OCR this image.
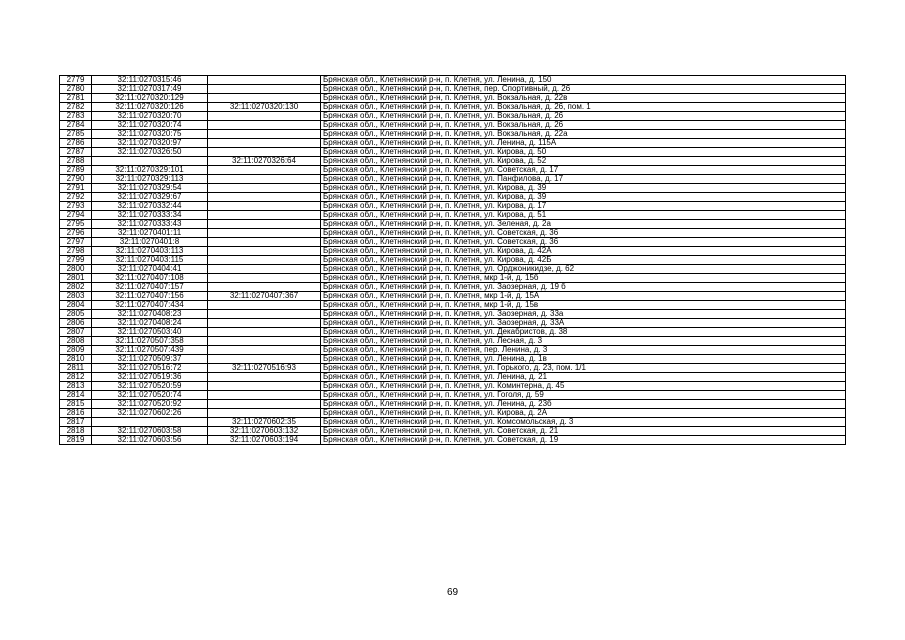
2779	32:11:0270315:46		Брянская обл., Клетнянский р-н, п. Клетня, ул. Ленина, д. 150
2780	32:11:0270317:49		Брянская обл., Клетнянский р-н, п. Клетня, пер. Спортивный, д. 26
2781	32:11:0270320:129		Брянская обл., Клетнянский р-н, п. Клетня, ул. Вокзальная, д. 22в
2782	32:11:0270320:126	32:11:0270320:130	Брянская обл., Клетнянский р-н, п. Клетня, ул. Вокзальная, д. 26, пом. 1
2783	32:11:0270320:70		Брянская обл., Клетнянский р-н, п. Клетня, ул. Вокзальная, д. 26
2784	32:11:0270320:74		Брянская обл., Клетнянский р-н, п. Клетня, ул. Вокзальная, д. 26
2785	32:11:0270320:75		Брянская обл., Клетнянский р-н, п. Клетня, ул. Вокзальная, д. 22а
2786	32:11:0270320:97		Брянская обл., Клетнянский р-н, п. Клетня, ул. Ленина, д. 115А
2787	32:11:0270326:50		Брянская обл., Клетнянский р-н, п. Клетня, ул. Кирова, д. 50
2788		32:11:0270326:64	Брянская обл., Клетнянский р-н, п. Клетня, ул. Кирова, д. 52
2789	32:11:0270329:101		Брянская обл., Клетнянский р-н, п. Клетня, ул. Советская, д. 17
2790	32:11:0270329:113		Брянская обл., Клетнянский р-н, п. Клетня, ул. Панфилова, д. 17
2791	32:11:0270329:54		Брянская обл., Клетнянский р-н, п. Клетня, ул. Кирова, д. 39
2792	32:11:0270329:67		Брянская обл., Клетнянский р-н, п. Клетня, ул. Кирова, д. 39
2793	32:11:0270332:44		Брянская обл., Клетнянский р-н, п. Клетня, ул. Кирова, д. 17
2794	32:11:0270333:34		Брянская обл., Клетнянский р-н, п. Клетня, ул. Кирова, д. 51
2795	32:11:0270333:43		Брянская обл., Клетнянский р-н, п. Клетня, ул. Зеленая, д. 2а
2796	32:11:0270401:11		Брянская обл., Клетнянский р-н, п. Клетня, ул. Советская, д. 36
2797	32:11:0270401:8		Брянская обл., Клетнянский р-н, п. Клетня, ул. Советская, д. 36
2798	32:11:0270403:113		Брянская обл., Клетнянский р-н, п. Клетня, ул. Кирова, д. 42А
2799	32:11:0270403:115		Брянская обл., Клетнянский р-н, п. Клетня, ул. Кирова, д. 42Б
2800	32:11:0270404:41		Брянская обл., Клетнянский р-н, п. Клетня, ул. Орджоникидзе, д. 62
2801	32:11:0270407:108		Брянская обл., Клетнянский р-н, п. Клетня, мкр 1-й, д. 15б
2802	32:11:0270407:157		Брянская обл., Клетнянский р-н, п. Клетня, ул. Заозерная, д. 19 б
2803	32:11:0270407:156	32:11:0270407:367	Брянская обл., Клетнянский р-н, п. Клетня, мкр 1-й, д. 15А
2804	32:11:0270407:434		Брянская обл., Клетнянский р-н, п. Клетня, мкр 1-й, д. 15в
2805	32:11:0270408:23		Брянская обл., Клетнянский р-н, п. Клетня, ул. Заозерная, д. 33а
2806	32:11:0270408:24		Брянская обл., Клетнянский р-н, п. Клетня, ул. Заозерная, д. 33А
2807	32:11:0270503:40		Брянская обл., Клетнянский р-н, п. Клетня, ул. Декабристов, д. 38
2808	32:11:0270507:358		Брянская обл., Клетнянский р-н, п. Клетня, ул. Лесная, д. 3
2809	32:11:0270507:439		Брянская обл., Клетнянский р-н, п. Клетня, пер. Ленина, д. 3
2810	32:11:0270509:37		Брянская обл., Клетнянский р-н, п. Клетня, ул. Ленина, д. 1в
2811	32:11:0270516:72	32:11:0270516:93	Брянская обл., Клетнянский р-н, п. Клетня, ул. Горького, д. 23, пом. 1/1
2812	32:11:0270519:36		Брянская обл., Клетнянский р-н, п. Клетня, ул. Ленина, д. 21
2813	32:11:0270520:59		Брянская обл., Клетнянский р-н, п. Клетня, ул. Коминтерна, д. 45
2814	32:11:0270520:74		Брянская обл., Клетнянский р-н, п. Клетня, ул. Гоголя, д. 59
2815	32:11:0270520:92		Брянская обл., Клетнянский р-н, п. Клетня, ул. Ленина, д. 23б
2816	32:11:0270602:26		Брянская обл., Клетнянский р-н, п. Клетня, ул. Кирова, д. 2А
2817		32:11:0270602:35	Брянская обл., Клетнянский р-н, п. Клетня, ул. Комсомольская, д. 3
2818	32:11:0270603:58	32:11:0270603:132	Брянская обл., Клетнянский р-н, п. Клетня, ул. Советская, д. 21
2819	32:11:0270603:56	32:11:0270603:194	Брянская обл., Клетнянский р-н, п. Клетня, ул. Советская, д. 19
69
